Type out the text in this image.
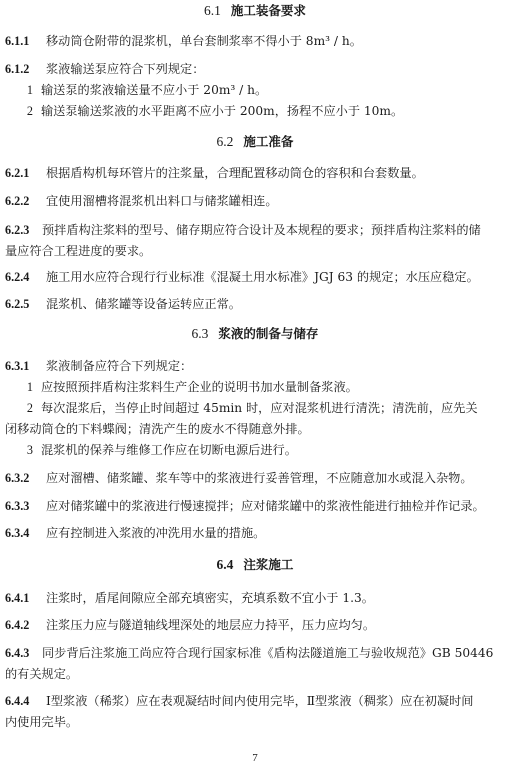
6.1 施工装备要求
6.1.1 移动筒仓附带的混浆机，单台套制浆率不得小于 8m³ / h。
6.1.2 浆液输送泵应符合下列规定：
1 输送泵的浆液输送量不应小于 20m³ / h。
2 输送泵输送浆液的水平距离不应小于 200m，扬程不应小于 10m。
6.2 施工准备
6.2.1 根据盾构机每环管片的注浆量，合理配置移动筒仓的容积和台套数量。
6.2.2 宜使用溜槽将混浆机出料口与储浆罐相连。
6.2.3 预拌盾构注浆料的型号、储存期应符合设计及本规程的要求；预拌盾构注浆料的储
量应符合工程进度的要求。
6.2.4 施工用水应符合现行行业标准《混凝土用水标准》JGJ 63 的规定；水压应稳定。
6.2.5 混浆机、储浆罐等设备运转应正常。
6.3 浆液的制备与储存
6.3.1 浆液制备应符合下列规定：
1 应按照预拌盾构注浆料生产企业的说明书加水量制备浆液。
2 每次混浆后，当停止时间超过 45min 时，应对混浆机进行清洗；清洗前，应先关
闭移动筒仓的下料蝶阀；清洗产生的废水不得随意外排。
3 混浆机的保养与维修工作应在切断电源后进行。
6.3.2 应对溜槽、储浆罐、浆车等中的浆液进行妥善管理，不应随意加水或混入杂物。
6.3.3 应对储浆罐中的浆液进行慢速搅拌；应对储浆罐中的浆液性能进行抽检并作记录。
6.3.4 应有控制进入浆液的冲洗用水量的措施。
6.4 注浆施工
6.4.1 注浆时，盾尾间隙应全部充填密实，充填系数不宜小于 1.3。
6.4.2 注浆压力应与隧道轴线埋深处的地层应力持平，压力应均匀。
6.4.3 同步背后注浆施工尚应符合现行国家标准《盾构法隧道施工与验收规范》GB 50446
的有关规定。
6.4.4 Ⅰ型浆液（稀浆）应在表观凝结时间内使用完毕，Ⅱ型浆液（稠浆）应在初凝时间
内使用完毕。
7
